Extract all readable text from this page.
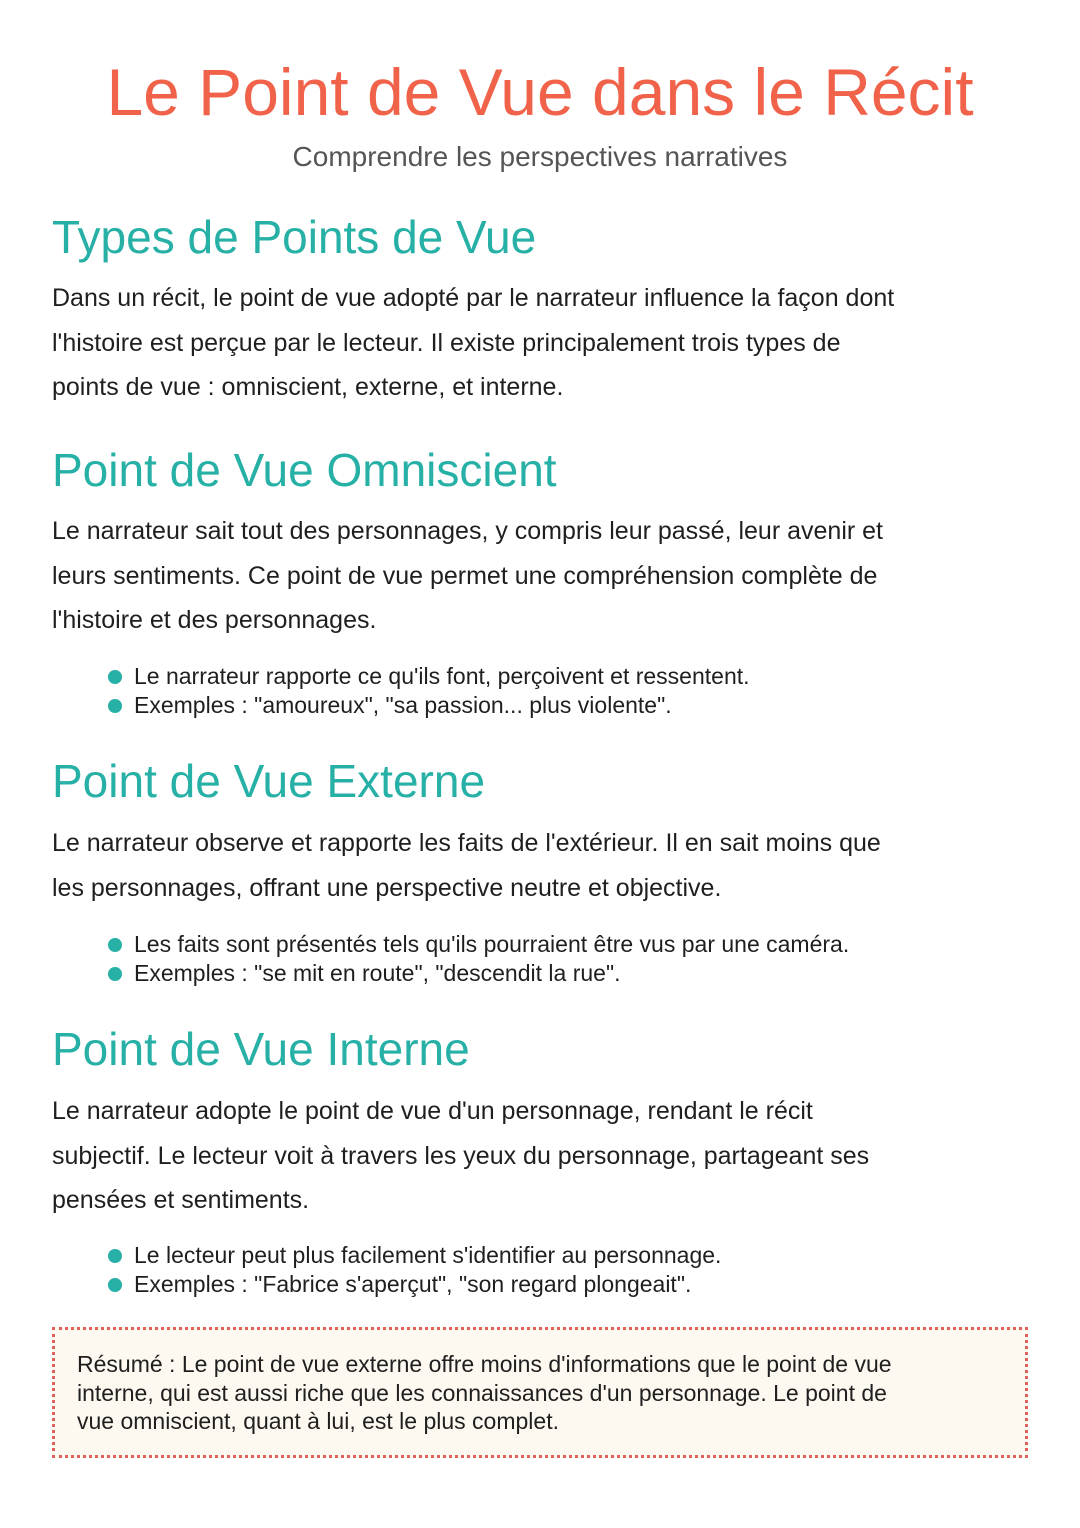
Le Point de Vue dans le Récit
Comprendre les perspectives narratives
Types de Points de Vue

Dans un récit, le point de vue adopté par le narrateur influence la façon dont
l'histoire est perçue par le lecteur. Il existe principalement trois types de
points de vue : omniscient, externe, et interne.

Point de Vue Omniscient

Le narrateur sait tout des personnages, y compris leur passé, leur avenir et
leurs sentiments. Ce point de vue permet une compréhension complète de
l'histoire et des personnages.

Le narrateur rapporte ce qu'ils font, perçoivent et ressentent.
Exemples : "amoureux", "sa passion... plus violente".
Point de Vue Externe

Le narrateur observe et rapporte les faits de l'extérieur. Il en sait moins que
les personnages, offrant une perspective neutre et objective.

Les faits sont présentés tels qu'ils pourraient être vus par une caméra.
Exemples : "se mit en route", "descendit la rue".
Point de Vue Interne

Le narrateur adopte le point de vue d'un personnage, rendant le récit
subjectif. Le lecteur voit à travers les yeux du personnage, partageant ses
pensées et sentiments.

Le lecteur peut plus facilement s'identifier au personnage.
Exemples : "Fabrice s'aperçut", "son regard plongeait".
Résumé : Le point de vue externe offre moins d'informations que le point de vue
interne, qui est aussi riche que les connaissances d'un personnage. Le point de
vue omniscient, quant à lui, est le plus complet.
